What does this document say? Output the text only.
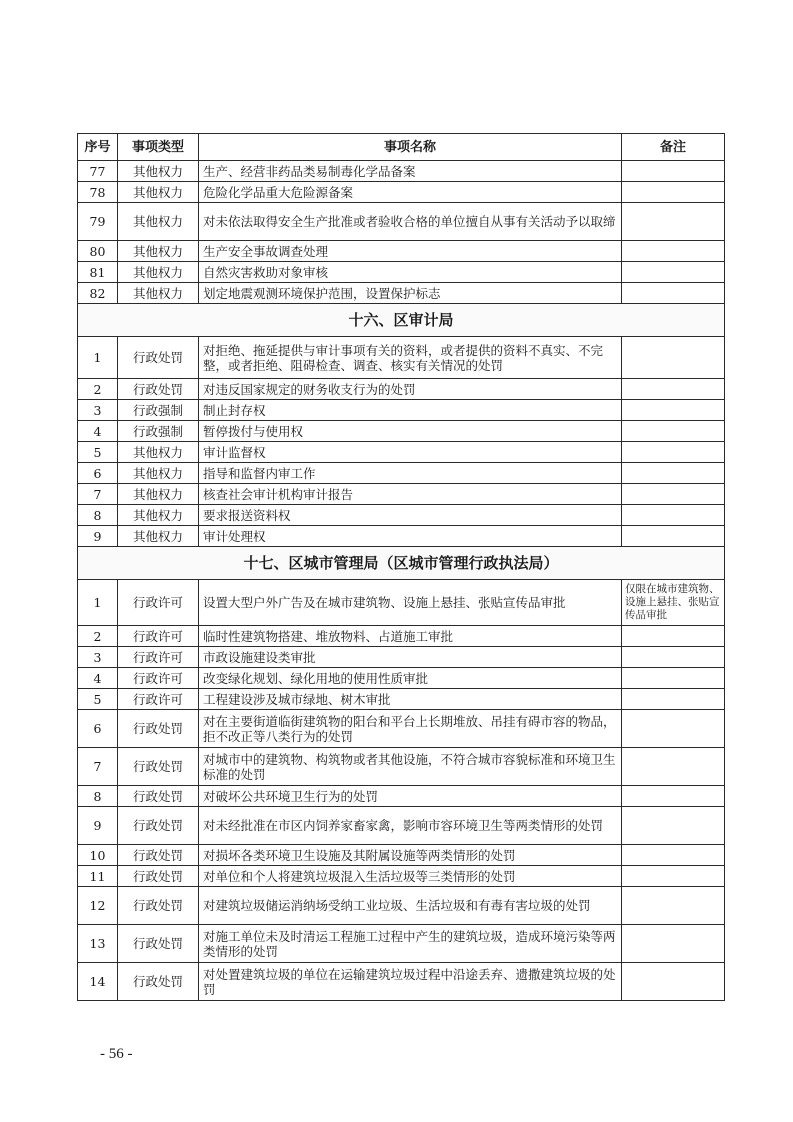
序号	事项类型	事项名称	备注
77	其他权力	生产、经营非药品类易制毒化学品备案	
78	其他权力	危险化学品重大危险源备案	
79	其他权力	对未依法取得安全生产批准或者验收合格的单位擅自从事有关活动予以取缔	
80	其他权力	生产安全事故调查处理	
81	其他权力	自然灾害救助对象审核	
82	其他权力	划定地震观测环境保护范围，设置保护标志	
十六、区审计局			
1	行政处罚	对拒绝、拖延提供与审计事项有关的资料，或者提供的资料不真实、不完整，或者拒绝、阻碍检查、调查、核实有关情况的处罚	
2	行政处罚	对违反国家规定的财务收支行为的处罚	
3	行政强制	制止封存权	
4	行政强制	暂停拨付与使用权	
5	其他权力	审计监督权	
6	其他权力	指导和监督内审工作	
7	其他权力	核查社会审计机构审计报告	
8	其他权力	要求报送资料权	
9	其他权力	审计处理权	
十七、区城市管理局（区城市管理行政执法局）			
1	行政许可	设置大型户外广告及在城市建筑物、设施上悬挂、张贴宣传品审批	仅限在城市建筑物、设施上悬挂、张贴宣传品审批
2	行政许可	临时性建筑物搭建、堆放物料、占道施工审批	
3	行政许可	市政设施建设类审批	
4	行政许可	改变绿化规划、绿化用地的使用性质审批	
5	行政许可	工程建设涉及城市绿地、树木审批	
6	行政处罚	对在主要街道临街建筑物的阳台和平台上长期堆放、吊挂有碍市容的物品，拒不改正等八类行为的处罚	
7	行政处罚	对城市中的建筑物、构筑物或者其他设施，不符合城市容貌标准和环境卫生标准的处罚	
8	行政处罚	对破坏公共环境卫生行为的处罚	
9	行政处罚	对未经批准在市区内饲养家畜家禽，影响市容环境卫生等两类情形的处罚	
10	行政处罚	对损坏各类环境卫生设施及其附属设施等两类情形的处罚	
11	行政处罚	对单位和个人将建筑垃圾混入生活垃圾等三类情形的处罚	
12	行政处罚	对建筑垃圾储运消纳场受纳工业垃圾、生活垃圾和有毒有害垃圾的处罚	
13	行政处罚	对施工单位未及时清运工程施工过程中产生的建筑垃圾，造成环境污染等两类情形的处罚	
14	行政处罚	对处置建筑垃圾的单位在运输建筑垃圾过程中沿途丢弃、遗撒建筑垃圾的处罚	
- 56 -
